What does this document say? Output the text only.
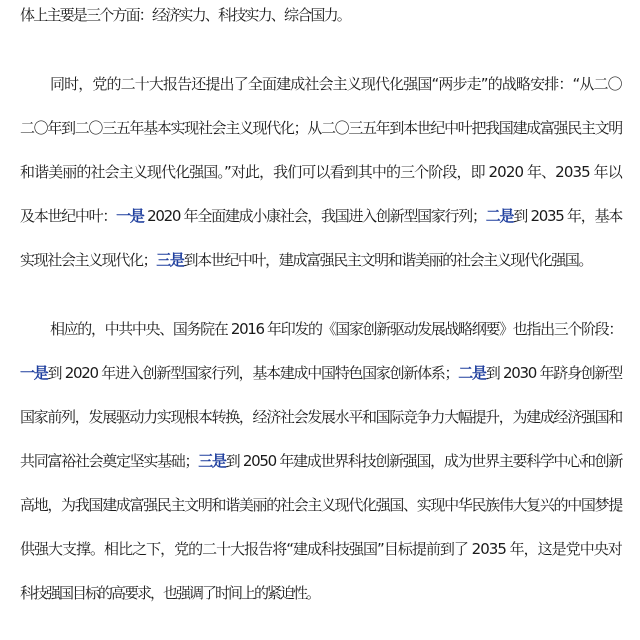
体上主要是三个方面：经济实力、科技实力、综合国力。
同时，党的二十大报告还提出了全面建成社会主义现代化强国“两步走”的战略安排：“从二〇
二〇年到二〇三五年基本实现社会主义现代化；从二〇三五年到本世纪中叶把我国建成富强民主文明
和谐美丽的社会主义现代化强国。”对此，我们可以看到其中的三个阶段，即 2020 年、2035 年以
及本世纪中叶：一是 2020 年全面建成小康社会，我国进入创新型国家行列；二是到 2035 年，基本
实现社会主义现代化；三是到本世纪中叶，建成富强民主文明和谐美丽的社会主义现代化强国。
相应的，中共中央、国务院在 2016 年印发的《国家创新驱动发展战略纲要》也指出三个阶段：
一是到 2020 年进入创新型国家行列，基本建成中国特色国家创新体系；二是到 2030 年跻身创新型
国家前列，发展驱动力实现根本转换，经济社会发展水平和国际竞争力大幅提升，为建成经济强国和
共同富裕社会奠定坚实基础；三是到 2050 年建成世界科技创新强国，成为世界主要科学中心和创新
高地，为我国建成富强民主文明和谐美丽的社会主义现代化强国、实现中华民族伟大复兴的中国梦提
供强大支撑。相比之下，党的二十大报告将“建成科技强国”目标提前到了 2035 年，这是党中央对
科技强国目标的高要求，也强调了时间上的紧迫性。
